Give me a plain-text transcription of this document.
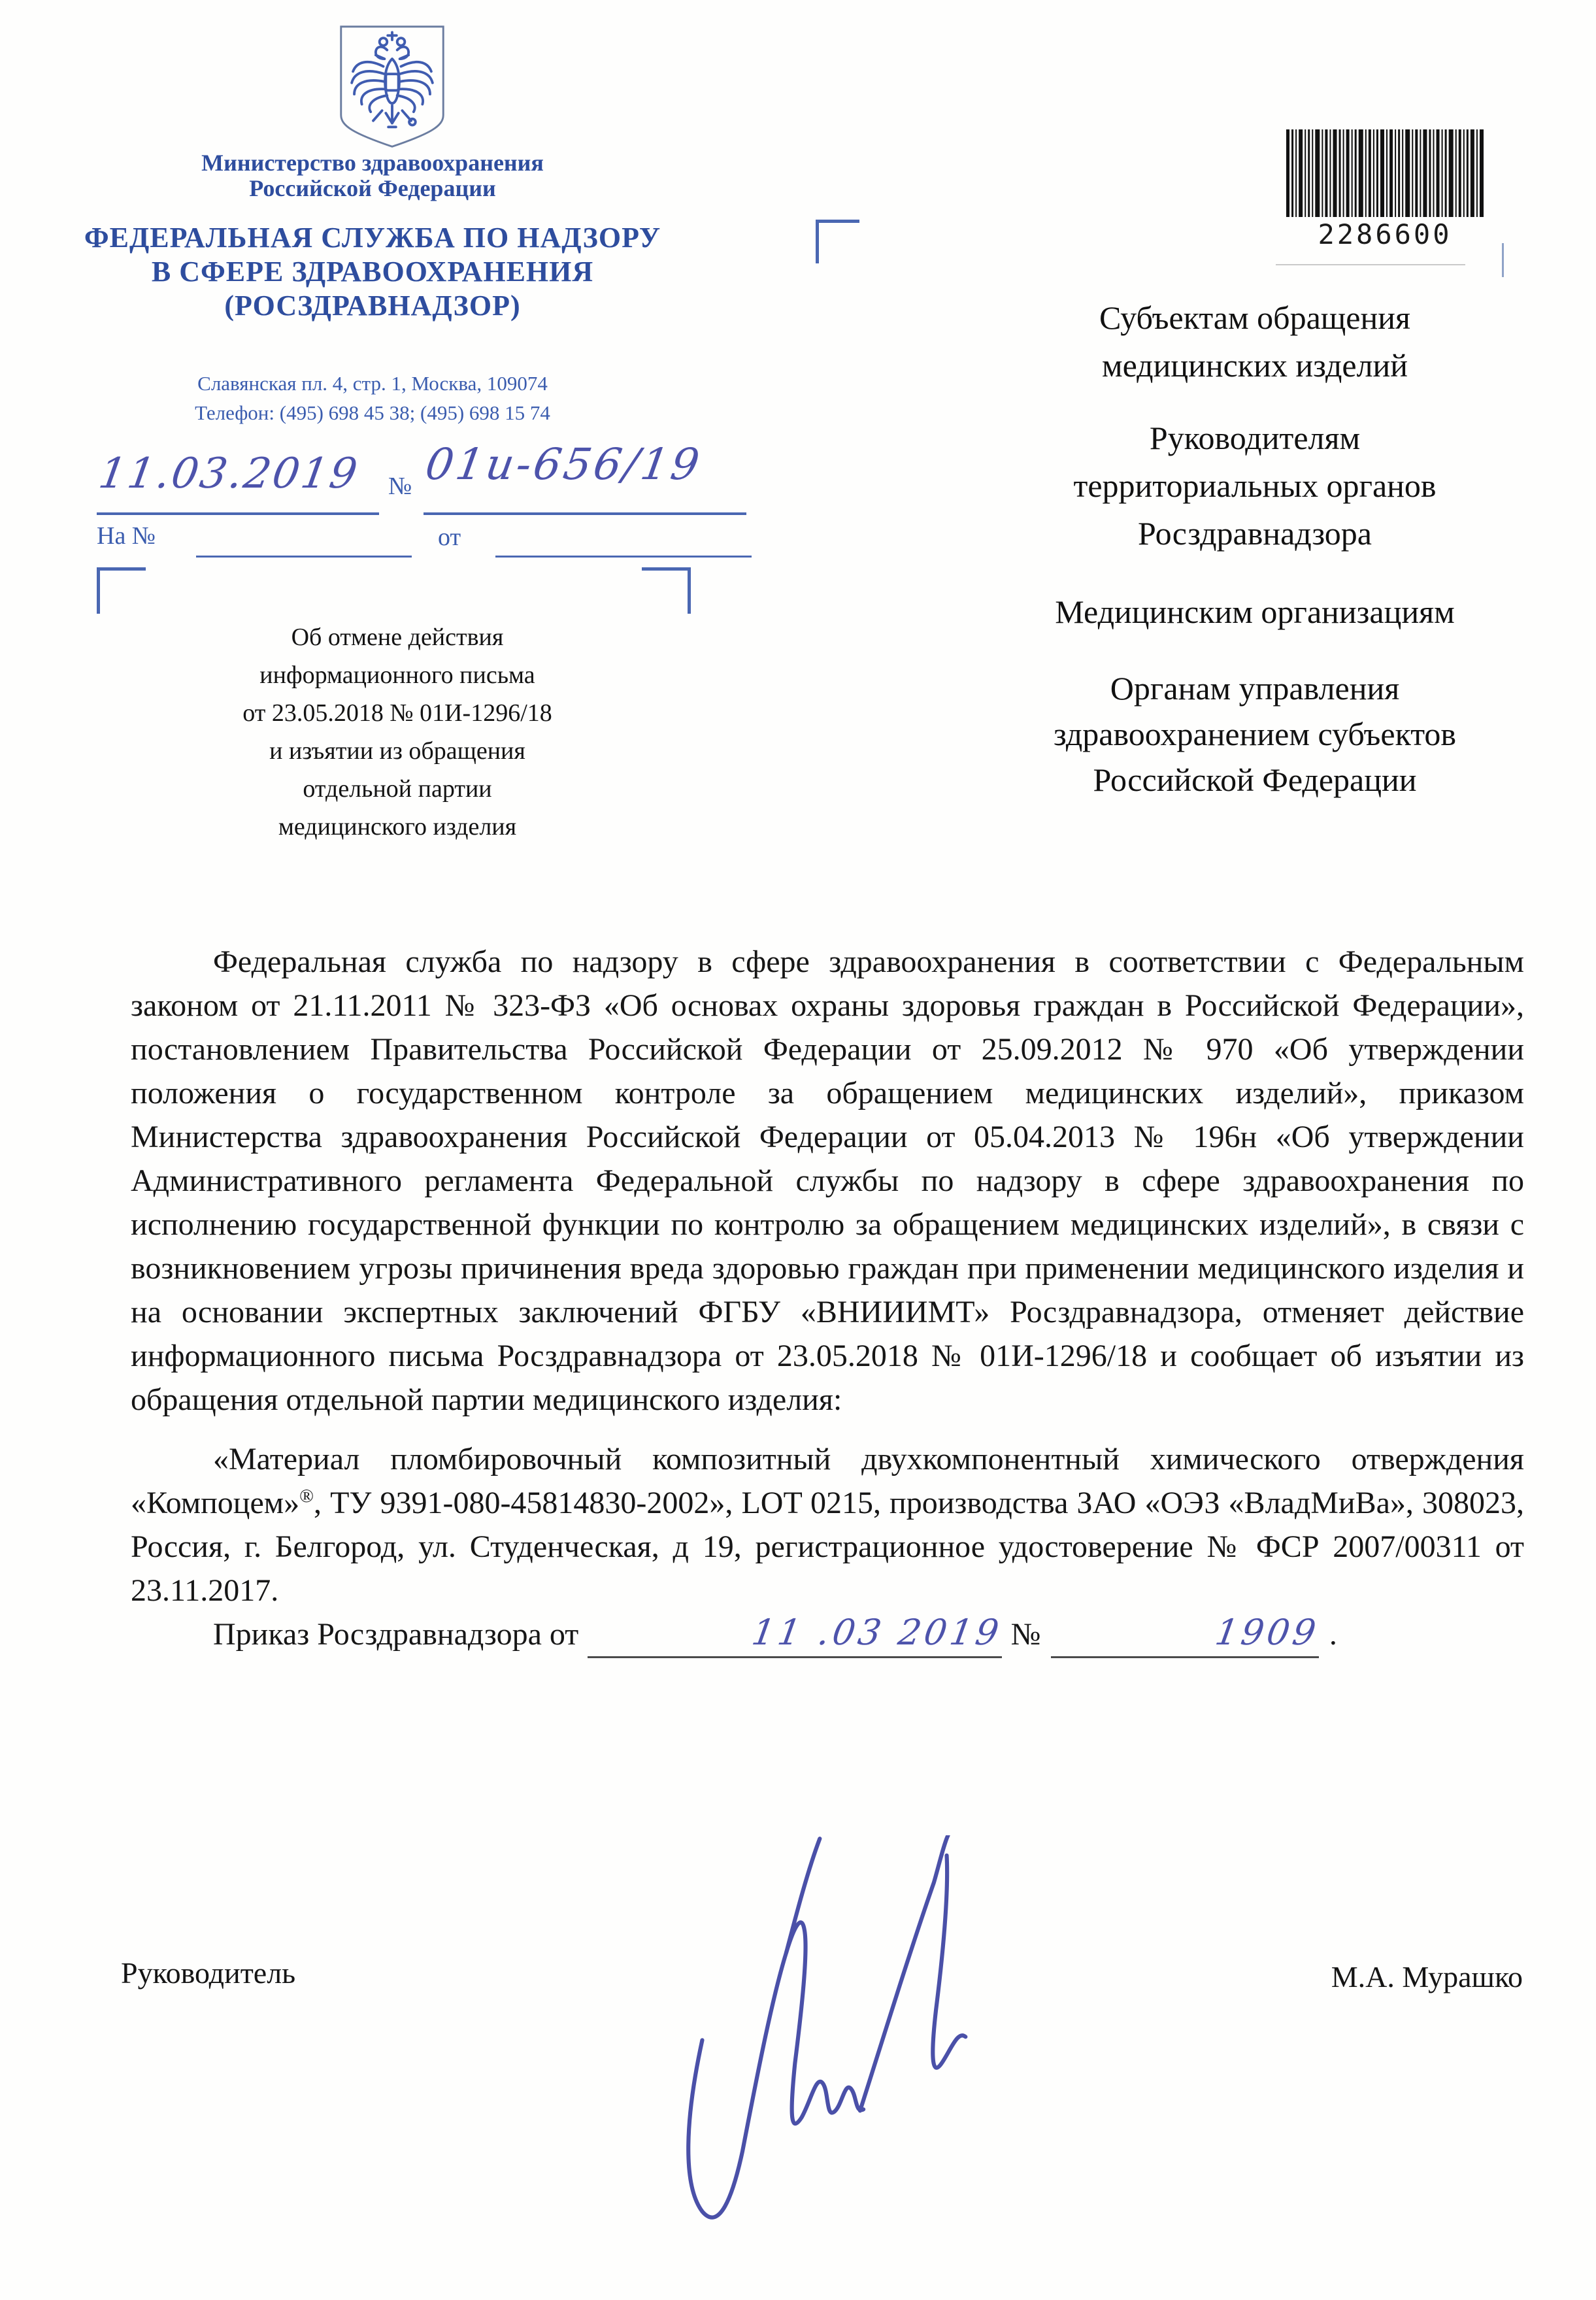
Министерство здравоохранения
Российской Федерации
ФЕДЕРАЛЬНАЯ СЛУЖБА ПО НАДЗОРУ
В СФЕРЕ ЗДРАВООХРАНЕНИЯ
(РОСЗДРАВНАДЗОР)
Славянская пл. 4, стр. 1, Москва, 109074
Телефон: (495) 698 45 38; (495) 698 15 74
11.03.2019 № 01и-656/19
На №	от
Об отмене действия
информационного письма
от 23.05.2018 № 01И-1296/18
и изъятии из обращения
отдельной партии
медицинского изделия
2286600
Субъектам обращения
медицинских изделий
Руководителям
территориальных органов
Росздравнадзора
Медицинским организациям
Органам управления
здравоохранением субъектов
Российской Федерации

Федеральная служба по надзору в сфере здравоохранения в соответствии с Федеральным законом от 21.11.2011 № 323-ФЗ «Об основах охраны здоровья граждан в Российской Федерации», постановлением Правительства Российской Федерации от 25.09.2012 № 970 «Об утверждении положения о государственном контроле за обращением медицинских изделий», приказом Министерства здравоохранения Российской Федерации от 05.04.2013 № 196н «Об утверждении Административного регламента Федеральной службы по надзору в сфере здравоохранения по исполнению государственной функции по контролю за обращением медицинских изделий», в связи с возникновением угрозы причинения вреда здоровью граждан при применении медицинского изделия и на основании экспертных заключений ФГБУ «ВНИИИМТ» Росздравнадзора, отменяет действие информационного письма Росздравнадзора от 23.05.2018 № 01И-1296/18 и сообщает об изъятии из обращения отдельной партии медицинского изделия:

«Материал пломбировочный композитный двухкомпонентный химического отверждения «Компоцем»®, ТУ 9391-080-45814830-2002», LOT 0215, производства ЗАО «ОЭЗ «ВладМиВа», 308023, Россия, г. Белгород, ул. Студенческая, д 19, регистрационное удостоверение № ФСР 2007/00311 от 23.11.2017.

Приказ Росздравнадзора от	11 .03 2019 №	1909 .

Руководитель	М.А. Мурашко
